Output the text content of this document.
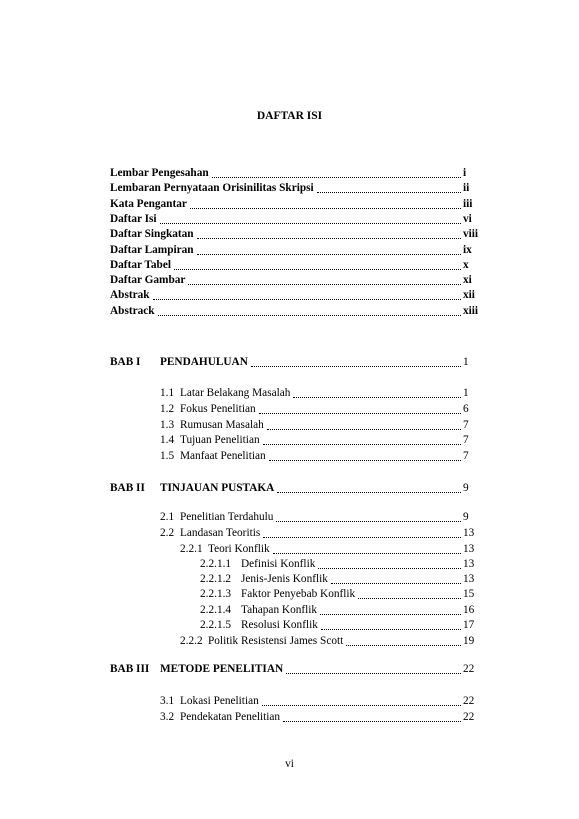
DAFTAR ISI
Lembar Pengesahan	i
Lembaran Pernyataan Orisinilitas Skripsi	ii
Kata Pengantar	iii
Daftar Isi	vi
Daftar Singkatan	viii
Daftar Lampiran	ix
Daftar Tabel	x
Daftar Gambar	xi
Abstrak	xii
Abstrack	xiii
BAB I PENDAHULUAN	1
1.1 Latar Belakang Masalah	1
1.2 Fokus Penelitian	6
1.3 Rumusan Masalah	7
1.4 Tujuan Penelitian	7
1.5 Manfaat Penelitian	7
BAB II TINJAUAN PUSTAKA	9
2.1 Penelitian Terdahulu	9
2.2 Landasan Teoritis	13
2.2.1 Teori Konflik	13
2.2.1.1 Definisi Konflik	13
2.2.1.2 Jenis-Jenis Konflik	13
2.2.1.3 Faktor Penyebab Konflik	15
2.2.1.4 Tahapan Konflik	16
2.2.1.5 Resolusi Konflik	17
2.2.2 Politik Resistensi James Scott	19
BAB III METODE PENELITIAN	22
3.1 Lokasi Penelitian	22
3.2 Pendekatan Penelitian	22
vi
